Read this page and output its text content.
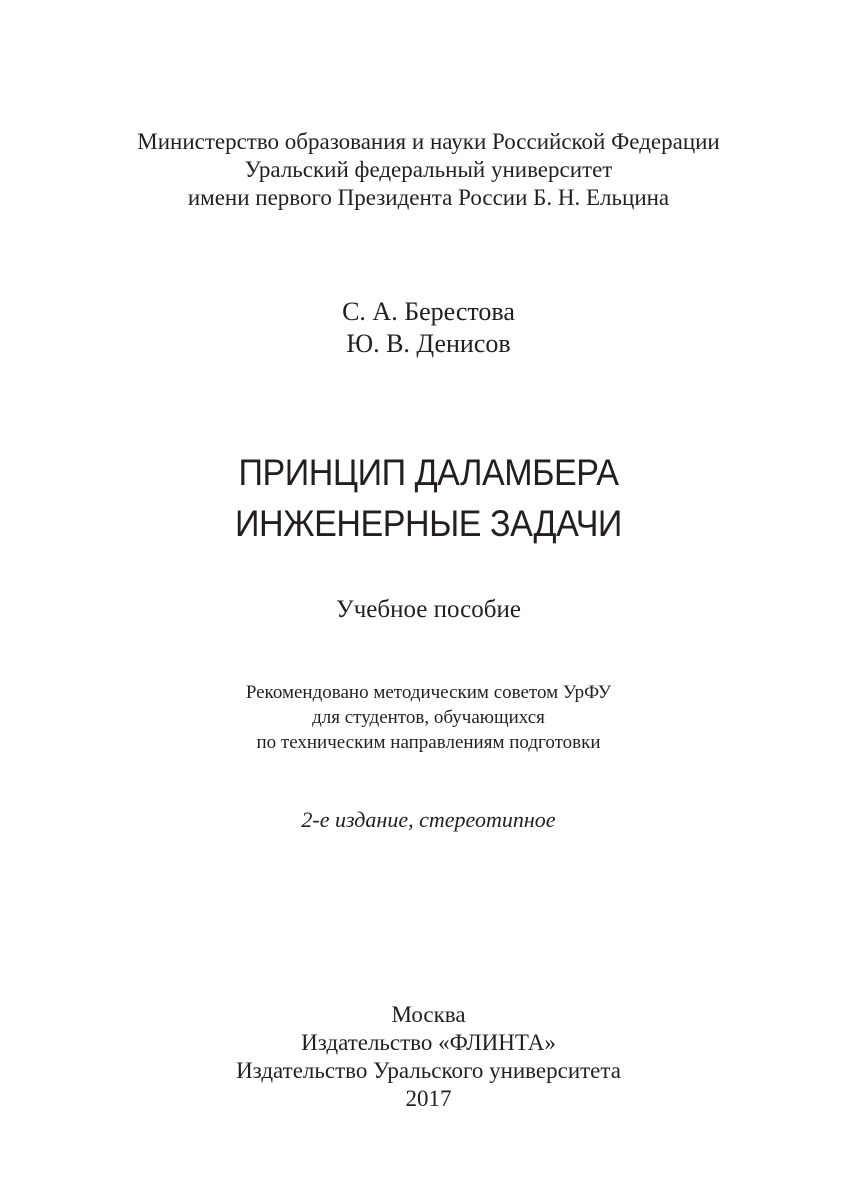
Министерство образования и науки Российской Федерации
Уральский федеральный университет
имени первого Президента России Б. Н. Ельцина
С. А. Берестова
Ю. В. Денисов
ПРИНЦИП ДАЛАМБЕРА
ИНЖЕНЕРНЫЕ ЗАДАЧИ
Учебное пособие
Рекомендовано методическим советом УрФУ
для студентов, обучающихся
по техническим направлениям подготовки
2-е издание, стереотипное
Москва
Издательство «ФЛИНТА»
Издательство Уральского университета
2017
